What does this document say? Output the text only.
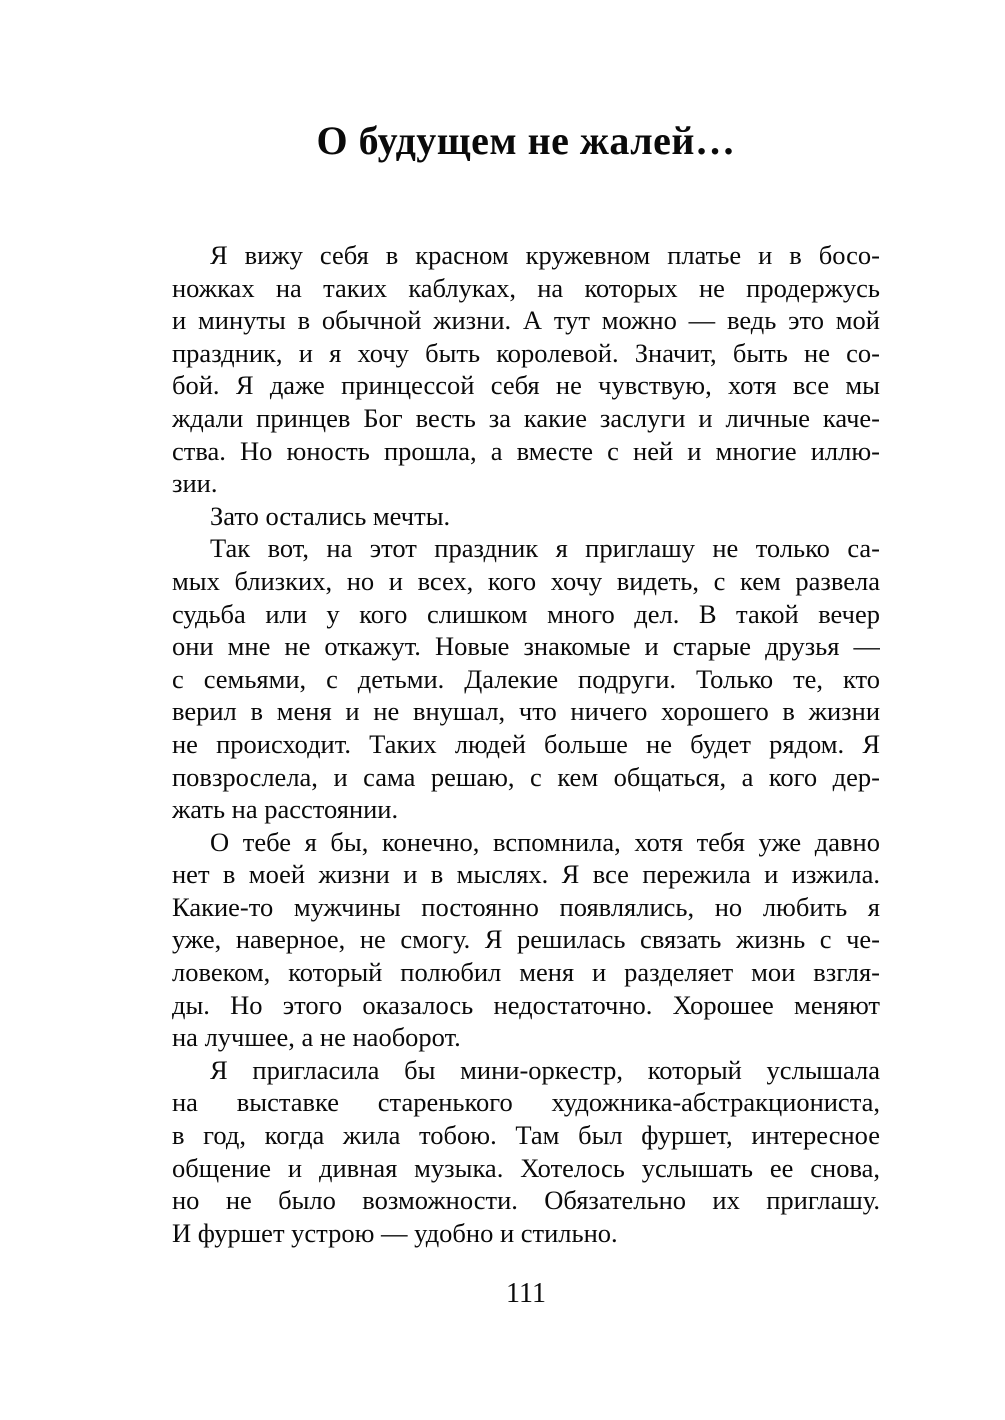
О будущем не жалей…
Я вижу себя в красном кружевном платье и в босо-
ножках на таких каблуках, на которых не продержусь
и минуты в обычной жизни. А тут можно — ведь это мой
праздник, и я хочу быть королевой. Значит, быть не со-
бой. Я даже принцессой себя не чувствую, хотя все мы
ждали принцев Бог весть за какие заслуги и личные каче-
ства. Но юность прошла, а вместе с ней и многие иллю-
зии.
Зато остались мечты.
Так вот, на этот праздник я приглашу не только са-
мых близких, но и всех, кого хочу видеть, с кем развела
судьба или у кого слишком много дел. В такой вечер
они мне не откажут. Новые знакомые и старые друзья —
с семьями, с детьми. Далекие подруги. Только те, кто
верил в меня и не внушал, что ничего хорошего в жизни
не происходит. Таких людей больше не будет рядом. Я
повзрослела, и сама решаю, с кем общаться, а кого дер-
жать на расстоянии.
О тебе я бы, конечно, вспомнила, хотя тебя уже давно
нет в моей жизни и в мыслях. Я все пережила и изжила.
Какие-то мужчины постоянно появлялись, но любить я
уже, наверное, не смогу. Я решилась связать жизнь с че-
ловеком, который полюбил меня и разделяет мои взгля-
ды. Но этого оказалось недостаточно. Хорошее меняют
на лучшее, а не наоборот.
Я пригласила бы мини-оркестр, который услышала
на выставке старенького художника-абстракциониста,
в год, когда жила тобою. Там был фуршет, интересное
общение и дивная музыка. Хотелось услышать ее снова,
но не было возможности. Обязательно их приглашу.
И фуршет устрою — удобно и стильно.
111
